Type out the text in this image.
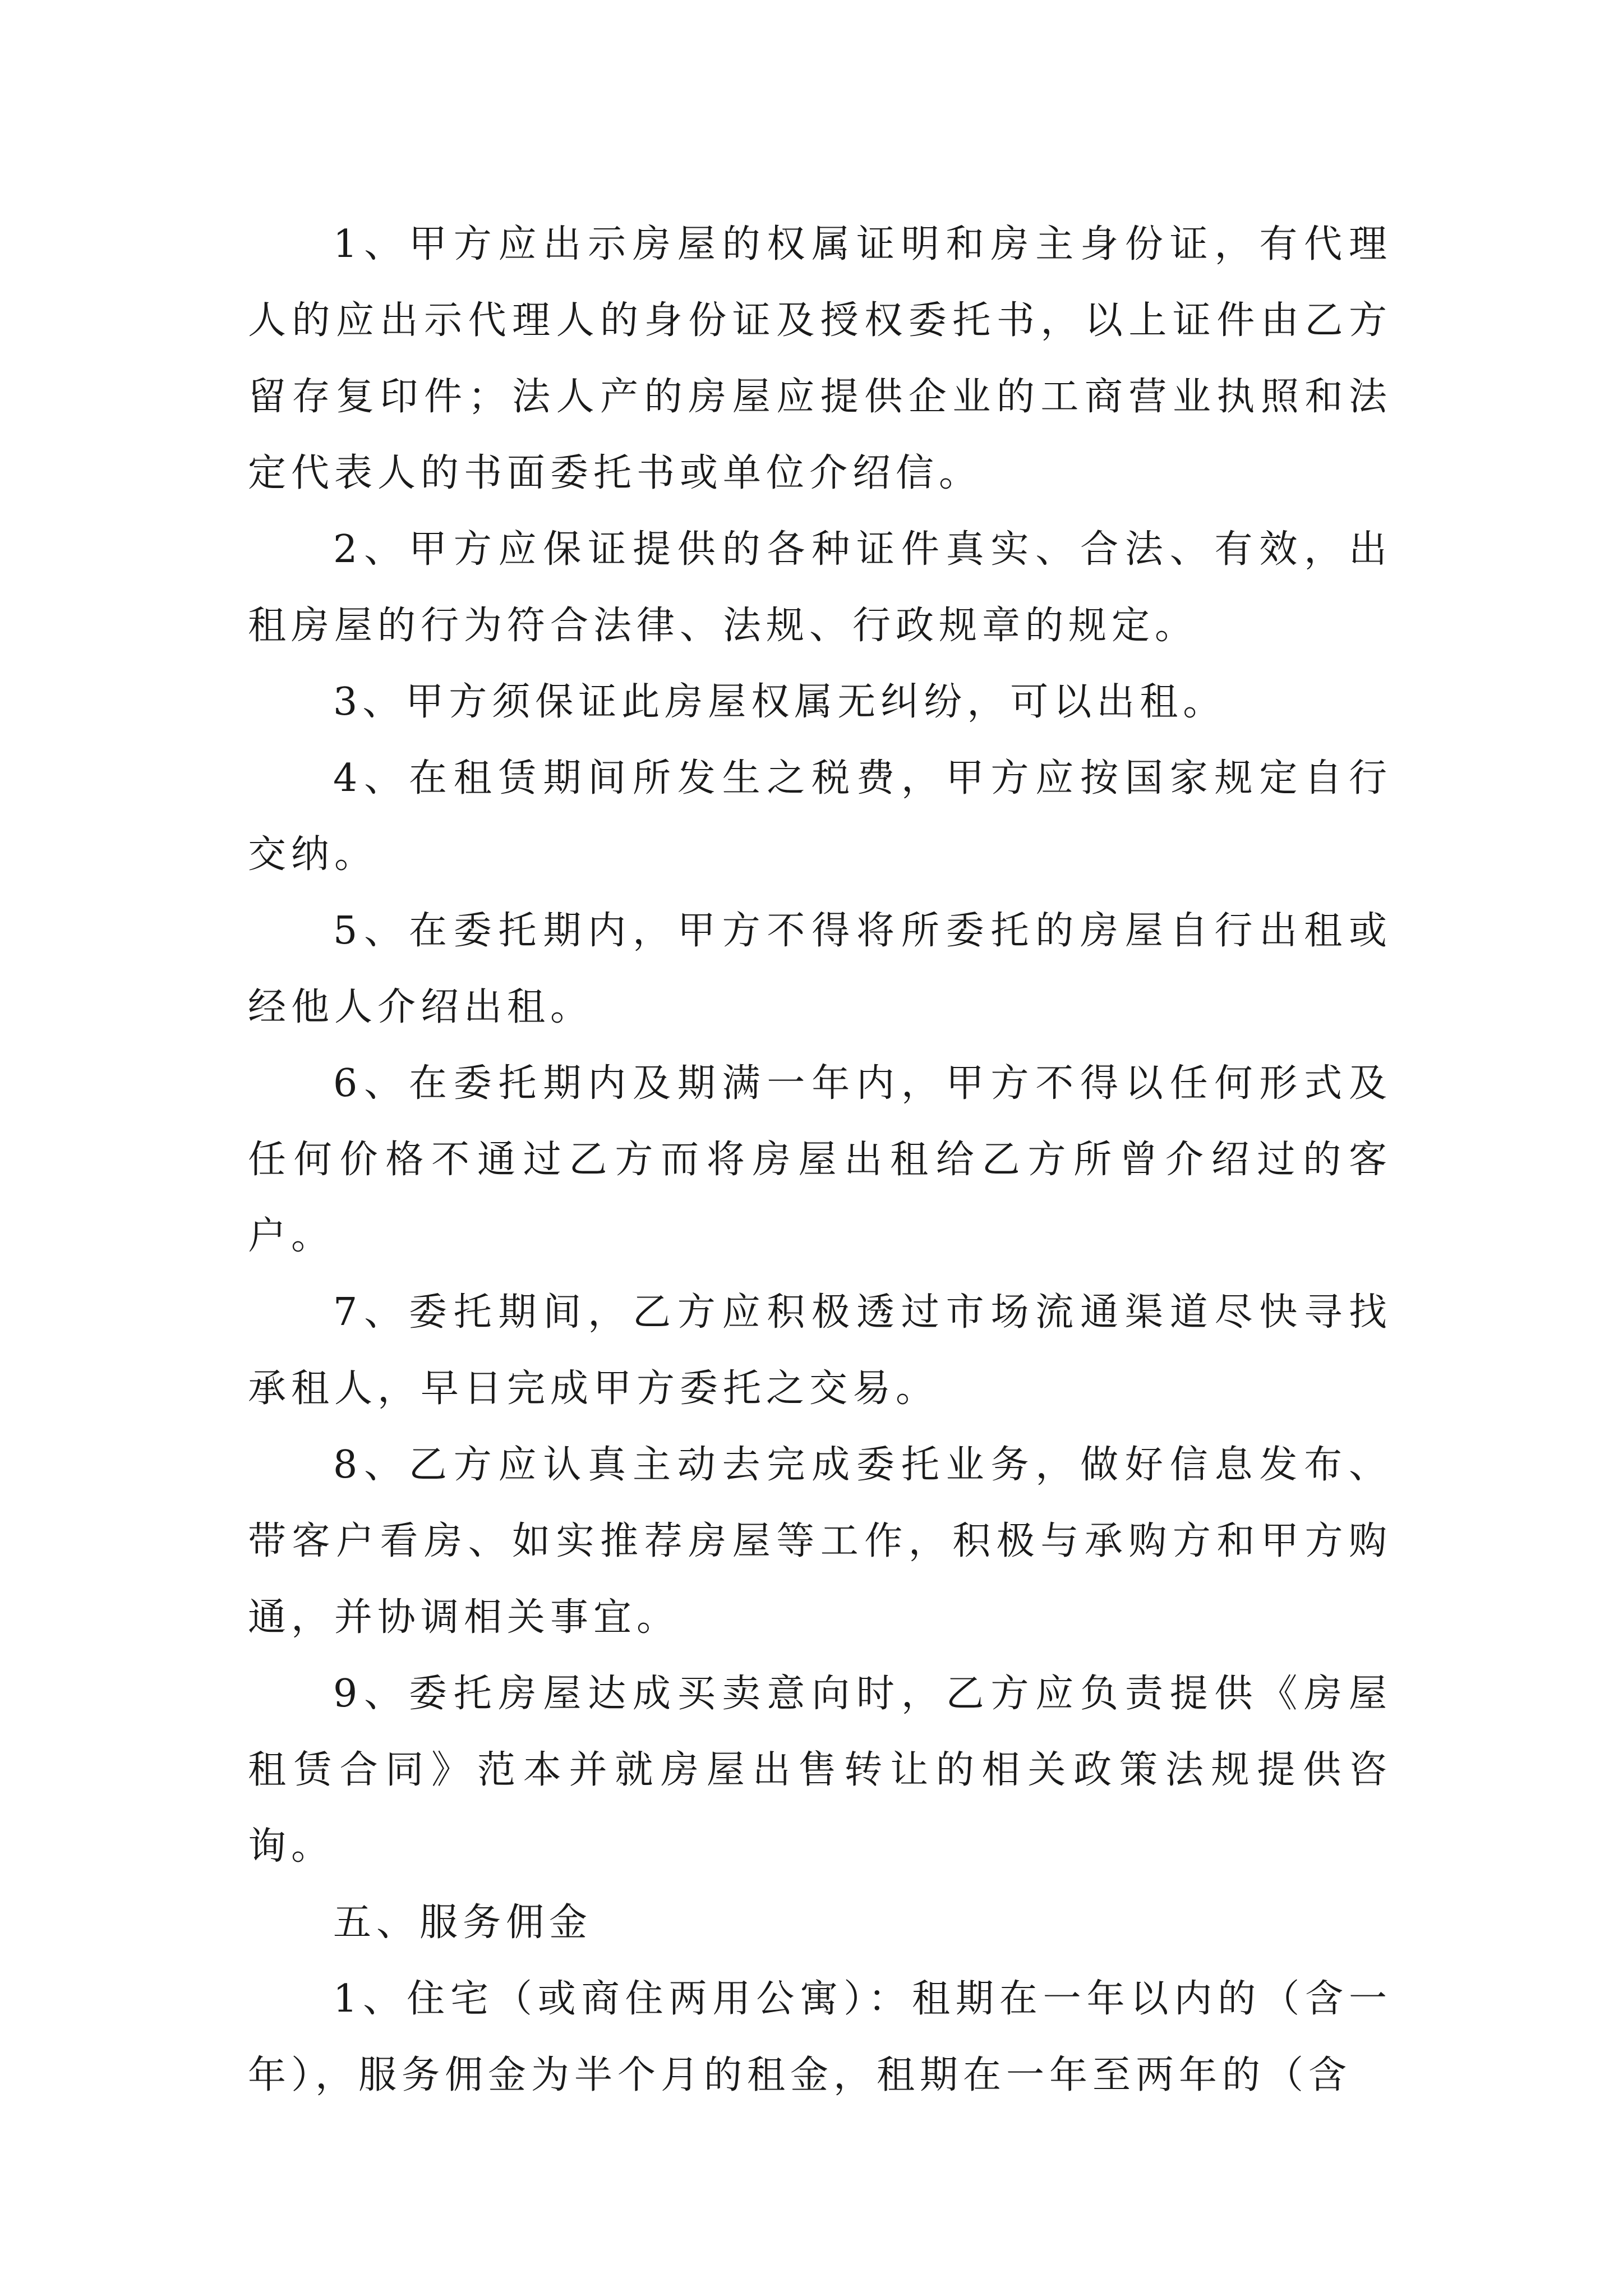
1、甲方应出示房屋的权属证明和房主身份证，有代理人的应出示代理人的身份证及授权委托书，以上证件由乙方留存复印件；法人产的房屋应提供企业的工商营业执照和法定代表人的书面委托书或单位介绍信。

2、甲方应保证提供的各种证件真实、合法、有效，出租房屋的行为符合法律、法规、行政规章的规定。

3、甲方须保证此房屋权属无纠纷，可以出租。

4、在租赁期间所发生之税费，甲方应按国家规定自行交纳。

5、在委托期内，甲方不得将所委托的房屋自行出租或经他人介绍出租。

6、在委托期内及期满一年内，甲方不得以任何形式及任何价格不通过乙方而将房屋出租给乙方所曾介绍过的客户。

7、委托期间，乙方应积极透过市场流通渠道尽快寻找承租人，早日完成甲方委托之交易。

8、乙方应认真主动去完成委托业务，做好信息发布、带客户看房、如实推荐房屋等工作，积极与承购方和甲方购通，并协调相关事宜。

9、委托房屋达成买卖意向时，乙方应负责提供《房屋租赁合同》范本并就房屋出售转让的相关政策法规提供咨询。

五、服务佣金

1、住宅（或商住两用公寓）：租期在一年以内的（含一年），服务佣金为半个月的租金，租期在一年至两年的（含
